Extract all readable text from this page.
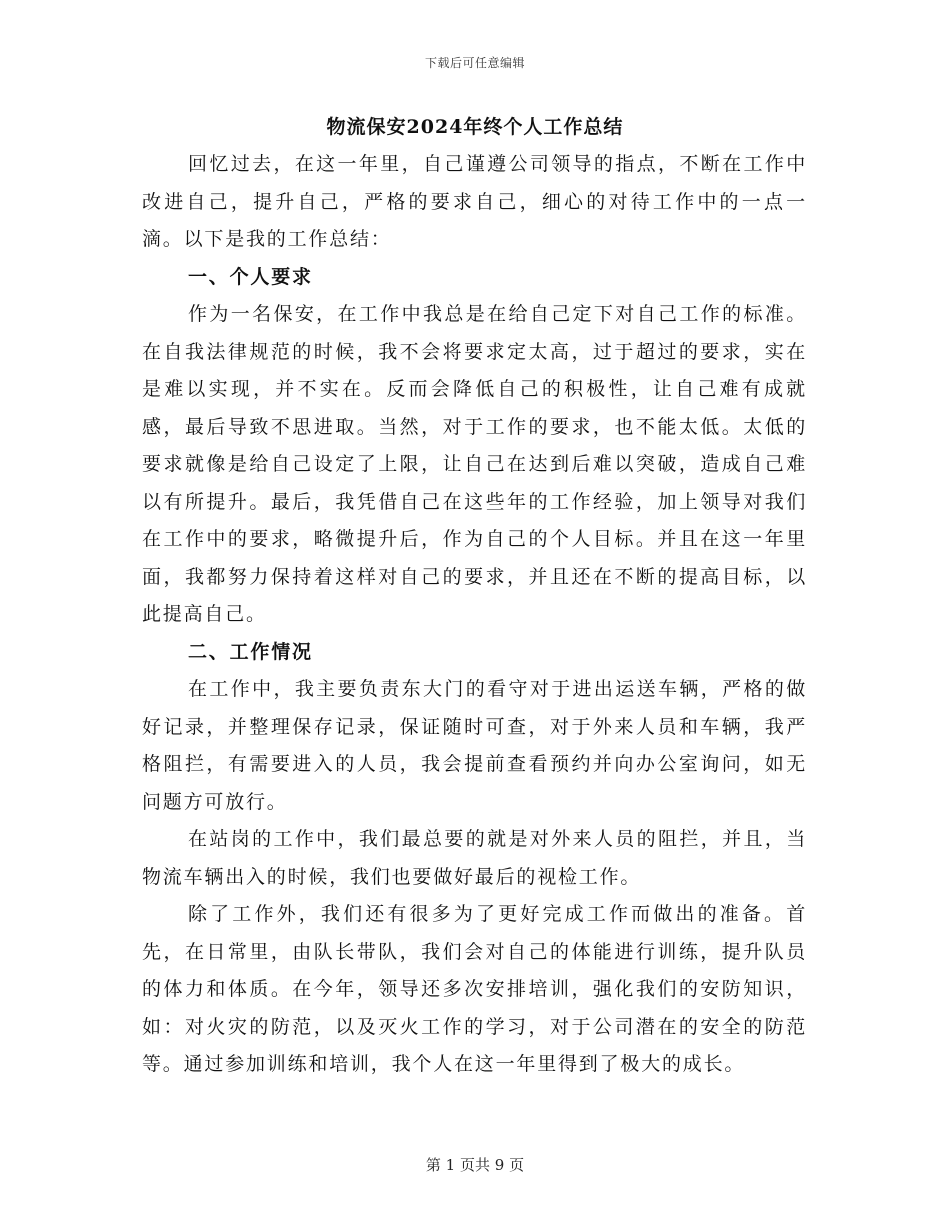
下载后可任意编辑
物流保安2024年终个人工作总结

回忆过去，在这一年里，自己谨遵公司领导的指点，不断在工作中改进自己，提升自己，严格的要求自己，细心的对待工作中的一点一滴。以下是我的工作总结：

一、个人要求

作为一名保安，在工作中我总是在给自己定下对自己工作的标准。在自我法律规范的时候，我不会将要求定太高，过于超过的要求，实在是难以实现，并不实在。反而会降低自己的积极性，让自己难有成就感，最后导致不思进取。当然，对于工作的要求，也不能太低。太低的要求就像是给自己设定了上限，让自己在达到后难以突破，造成自己难以有所提升。最后，我凭借自己在这些年的工作经验，加上领导对我们在工作中的要求，略微提升后，作为自己的个人目标。并且在这一年里面，我都努力保持着这样对自己的要求，并且还在不断的提高目标，以此提高自己。

二、工作情况

在工作中，我主要负责东大门的看守对于进出运送车辆，严格的做好记录，并整理保存记录，保证随时可查，对于外来人员和车辆，我严格阻拦，有需要进入的人员，我会提前查看预约并向办公室询问，如无问题方可放行。

在站岗的工作中，我们最总要的就是对外来人员的阻拦，并且，当物流车辆出入的时候，我们也要做好最后的视检工作。

除了工作外，我们还有很多为了更好完成工作而做出的准备。首先，在日常里，由队长带队，我们会对自己的体能进行训练，提升队员的体力和体质。在今年，领导还多次安排培训，强化我们的安防知识，如：对火灾的防范，以及灭火工作的学习，对于公司潜在的安全的防范等。通过参加训练和培训，我个人在这一年里得到了极大的成长。

第 1 页共 9 页
